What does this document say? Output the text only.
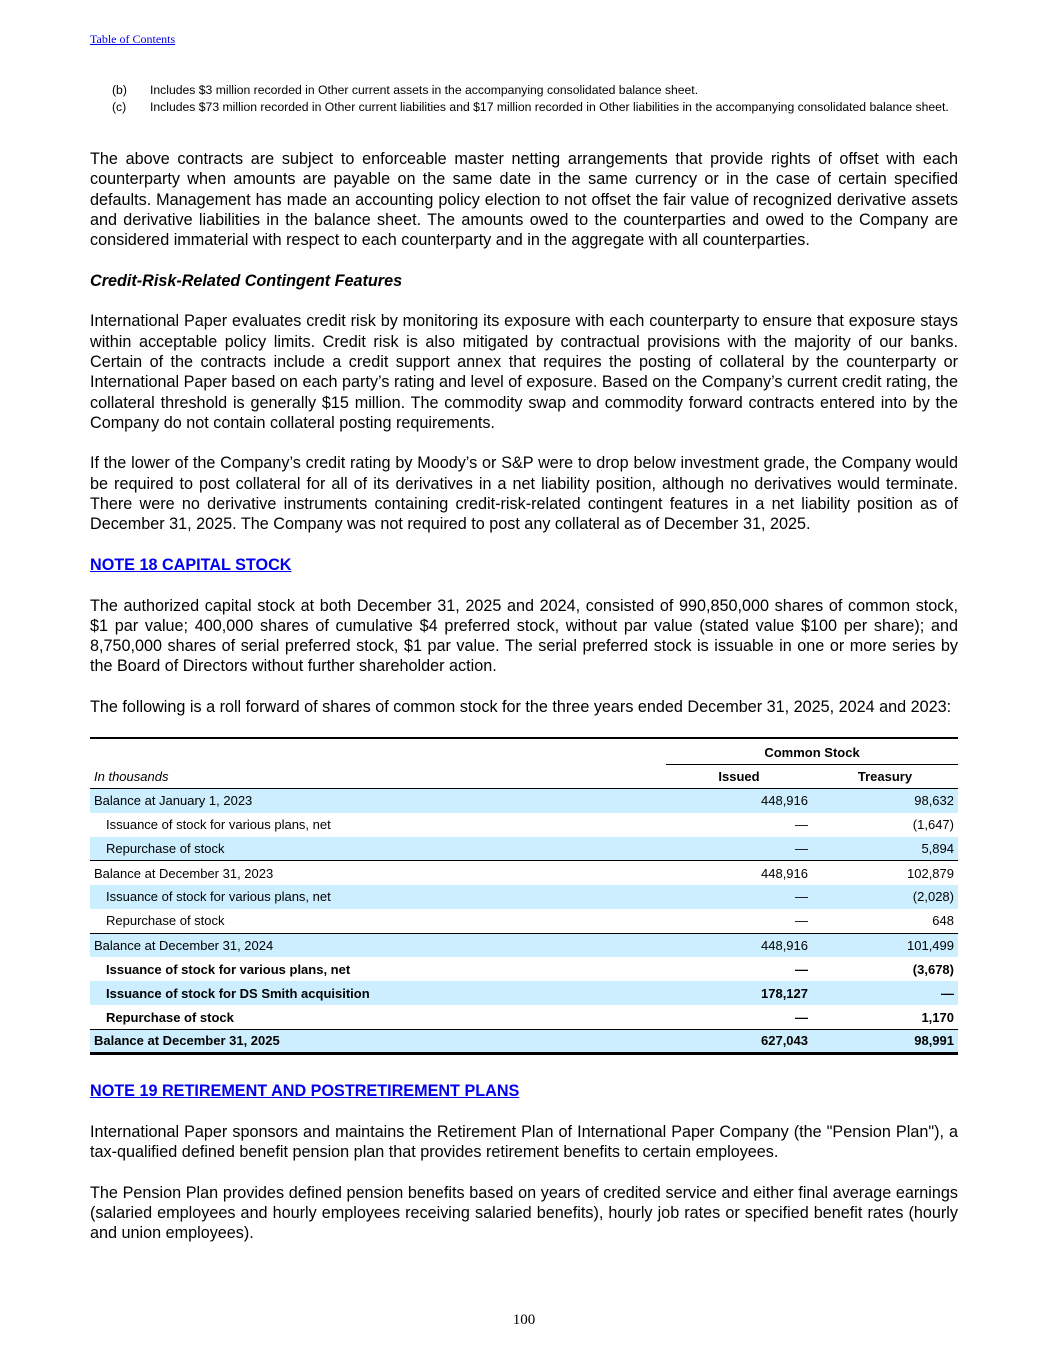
Table of Contents
(b)	Includes $3 million recorded in Other current assets in the accompanying consolidated balance sheet.
(c)	Includes $73 million recorded in Other current liabilities and $17 million recorded in Other liabilities in the accompanying consolidated balance sheet.

The above contracts are subject to enforceable master netting arrangements that provide rights of offset with each counterparty when amounts are payable on the same date in the same currency or in the case of certain specified defaults. Management has made an accounting policy election to not offset the fair value of recognized derivative assets and derivative liabilities in the balance sheet. The amounts owed to the counterparties and owed to the Company are considered immaterial with respect to each counterparty and in the aggregate with all counterparties.

Credit-Risk-Related Contingent Features

International Paper evaluates credit risk by monitoring its exposure with each counterparty to ensure that exposure stays within acceptable policy limits. Credit risk is also mitigated by contractual provisions with the majority of our banks. Certain of the contracts include a credit support annex that requires the posting of collateral by the counterparty or International Paper based on each party’s rating and level of exposure. Based on the Company’s current credit rating, the collateral threshold is generally $15 million. The commodity swap and commodity forward contracts entered into by the Company do not contain collateral posting requirements.

If the lower of the Company’s credit rating by Moody’s or S&P were to drop below investment grade, the Company would be required to post collateral for all of its derivatives in a net liability position, although no derivatives would terminate. There were no derivative instruments containing credit-risk-related contingent features in a net liability position as of December 31, 2025. The Company was not required to post any collateral as of December 31, 2025.

NOTE 18 CAPITAL STOCK

The authorized capital stock at both December 31, 2025 and 2024, consisted of 990,850,000 shares of common stock, $1 par value; 400,000 shares of cumulative $4 preferred stock, without par value (stated value $100 per share); and 8,750,000 shares of serial preferred stock, $1 par value. The serial preferred stock is issuable in one or more series by the Board of Directors without further shareholder action.

The following is a roll forward of shares of common stock for the three years ended December 31, 2025, 2024 and 2023:

	Common Stock	
In thousands	Issued	Treasury
Balance at January 1, 2023	448,916	98,632
Issuance of stock for various plans, net	—	(1,647)
Repurchase of stock	—	5,894
Balance at December 31, 2023	448,916	102,879
Issuance of stock for various plans, net	—	(2,028)
Repurchase of stock	—	648
Balance at December 31, 2024	448,916	101,499
Issuance of stock for various plans, net	—	(3,678)
Issuance of stock for DS Smith acquisition	178,127	—
Repurchase of stock	—	1,170
Balance at December 31, 2025	627,043	98,991
NOTE 19 RETIREMENT AND POSTRETIREMENT PLANS

International Paper sponsors and maintains the Retirement Plan of International Paper Company (the "Pension Plan"), a tax-qualified defined benefit pension plan that provides retirement benefits to certain employees.

The Pension Plan provides defined pension benefits based on years of credited service and either final average earnings (salaried employees and hourly employees receiving salaried benefits), hourly job rates or specified benefit rates (hourly and union employees).

100
